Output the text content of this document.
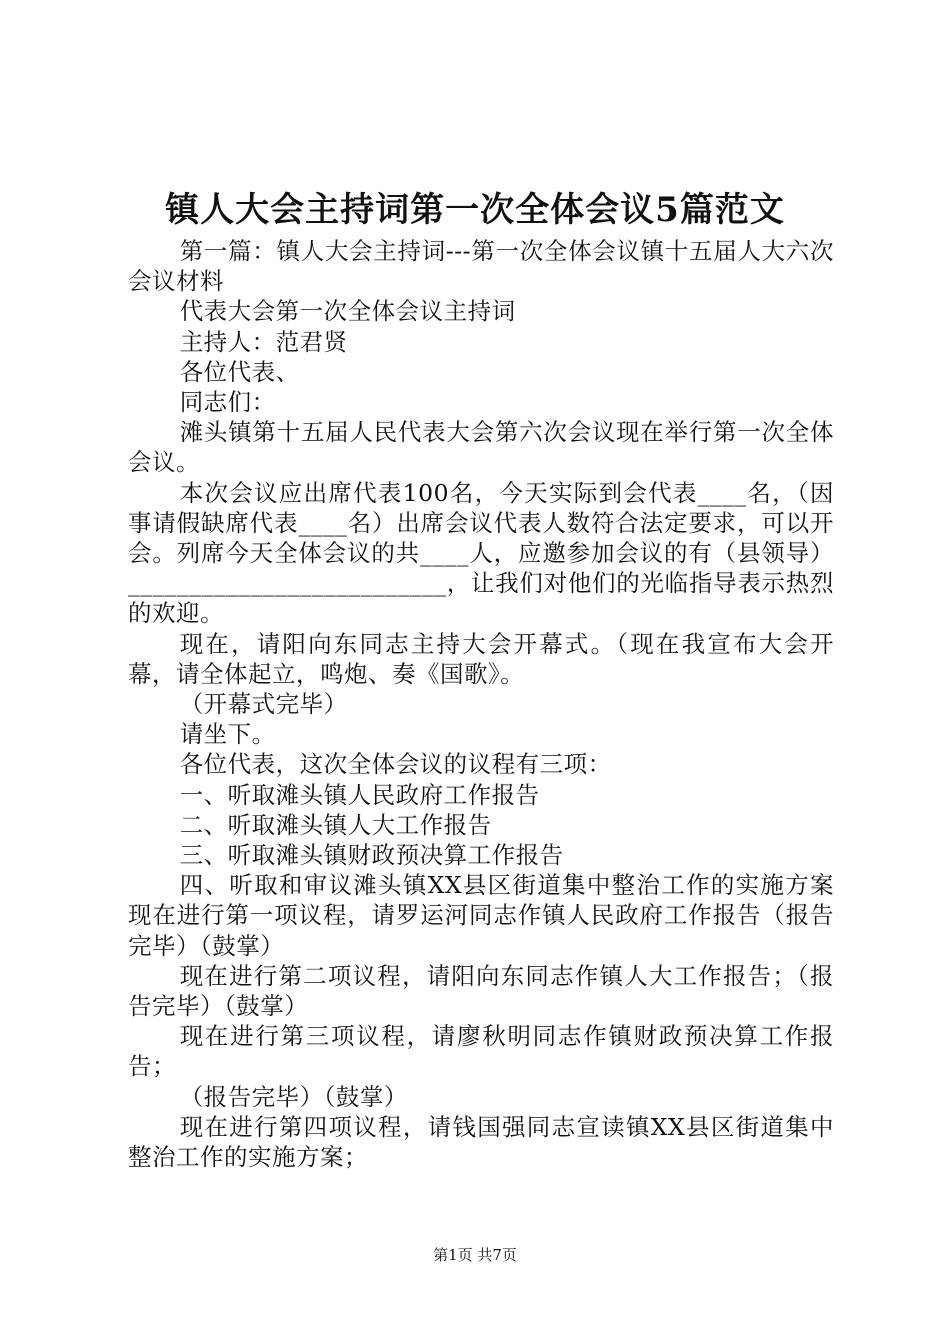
镇人大会主持词第一次全体会议5篇范文

第一篇：镇人大会主持词---第一次全体会议镇十五届人大六次会议材料

代表大会第一次全体会议主持词

主持人：范君贤

各位代表、

同志们：

滩头镇第十五届人民代表大会第六次会议现在举行第一次全体会议。

本次会议应出席代表100名，今天实际到会代表____名，（因事请假缺席代表____名）出席会议代表人数符合法定要求，可以开会。列席今天全体会议的共____人，应邀参加会议的有（县领导）__________________________，让我们对他们的光临指导表示热烈的欢迎。

现在，请阳向东同志主持大会开幕式。（现在我宣布大会开幕，请全体起立，鸣炮、奏《国歌》。

（开幕式完毕）

请坐下。

各位代表，这次全体会议的议程有三项：

一、听取滩头镇人民政府工作报告

二、听取滩头镇人大工作报告

三、听取滩头镇财政预决算工作报告

四、听取和审议滩头镇XX县区街道集中整治工作的实施方案现在进行第一项议程，请罗运河同志作镇人民政府工作报告（报告完毕）（鼓掌）

现在进行第二项议程，请阳向东同志作镇人大工作报告；（报告完毕）（鼓掌）

现在进行第三项议程，请廖秋明同志作镇财政预决算工作报告；

（报告完毕）（鼓掌）

现在进行第四项议程，请钱国强同志宣读镇XX县区街道集中整治工作的实施方案；

第1页 共7页
